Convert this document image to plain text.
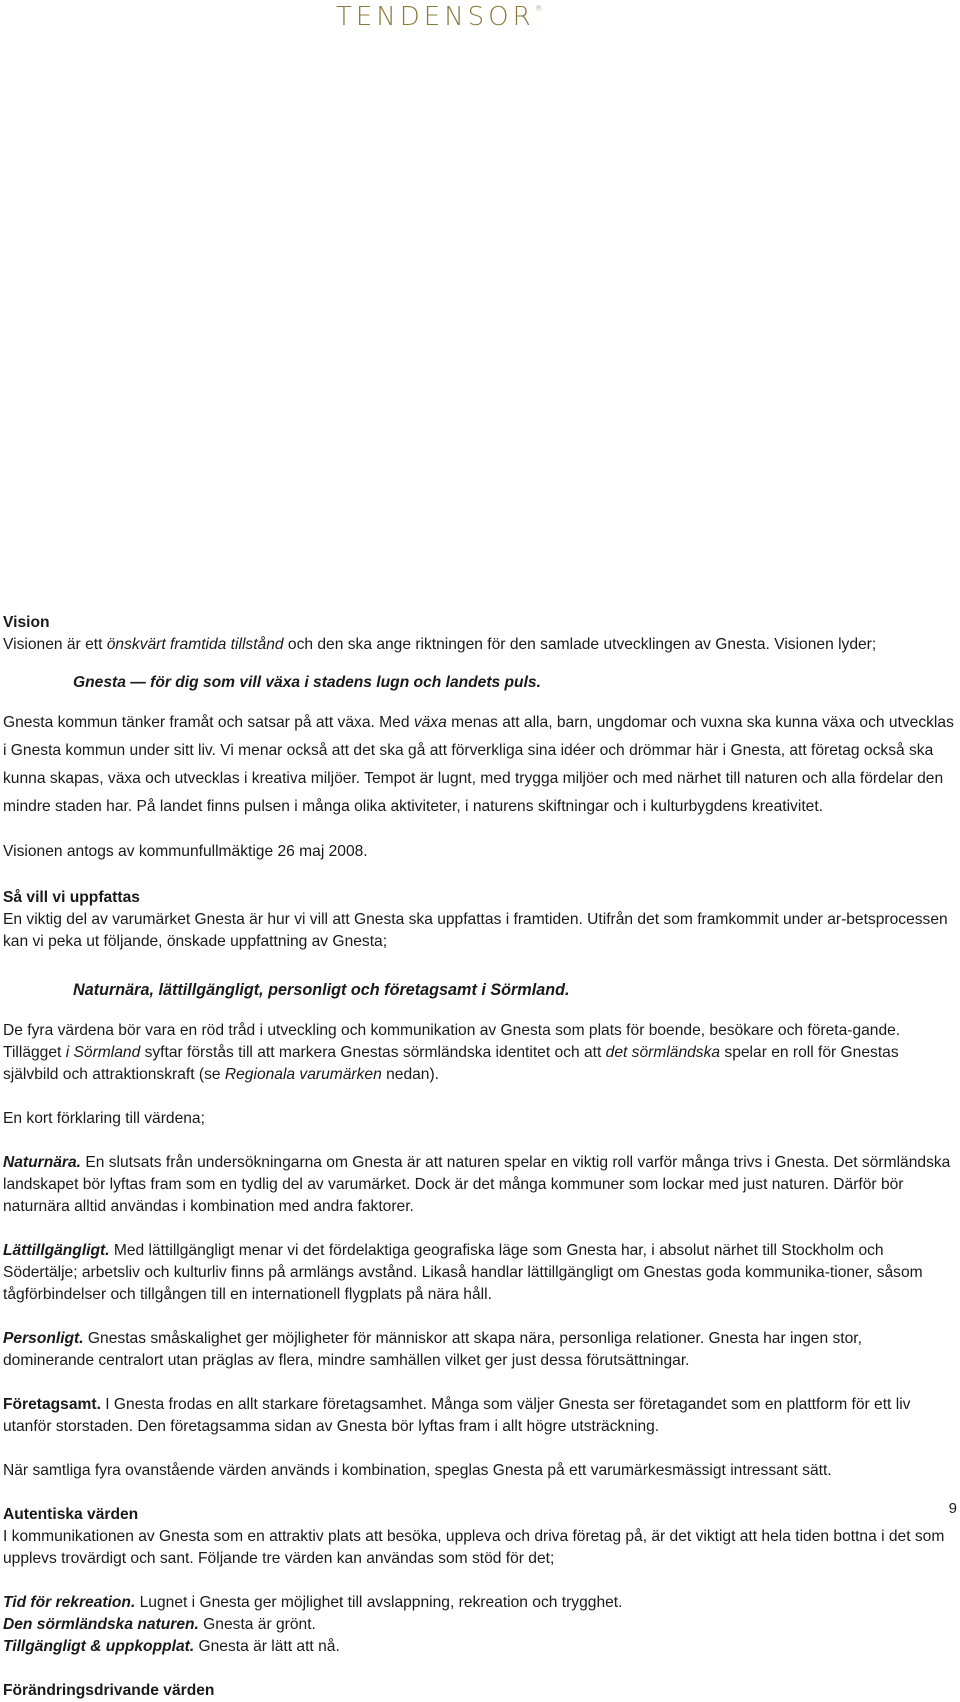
TENDENSOR®
Vision

Visionen är ett önskvärt framtida tillstånd och den ska ange riktningen för den samlade utvecklingen av Gnesta. Visionen lyder;

Gnesta — för dig som vill växa i stadens lugn och landets puls.

Gnesta kommun tänker framåt och satsar på att växa. Med växa menas att alla, barn, ungdomar och vuxna ska kunna växa och utvecklas i Gnesta kommun under sitt liv. Vi menar också att det ska gå att förverkliga sina idéer och drömmar här i Gnesta, att företag också ska kunna skapas, växa och utvecklas i kreativa miljöer. Tempot är lugnt, med trygga miljöer och med närhet till naturen och alla fördelar den mindre staden har. På landet finns pulsen i många olika aktiviteter, i naturens skiftningar och i kulturbygdens kreativitet.

Visionen antogs av kommunfullmäktige 26 maj 2008.

Så vill vi uppfattas

En viktig del av varumärket Gnesta är hur vi vill att Gnesta ska uppfattas i framtiden. Utifrån det som framkommit under ar-betsprocessen kan vi peka ut följande, önskade uppfattning av Gnesta;

Naturnära, lättillgängligt, personligt och företagsamt i Sörmland.

De fyra värdena bör vara en röd tråd i utveckling och kommunikation av Gnesta som plats för boende, besökare och företa-gande. Tillägget i Sörmland syftar förstås till att markera Gnestas sörmländska identitet och att det sörmländska spelar en roll för Gnestas självbild och attraktionskraft (se Regionala varumärken nedan).

En kort förklaring till värdena;

Naturnära. En slutsats från undersökningarna om Gnesta är att naturen spelar en viktig roll varför många trivs i Gnesta. Det sörmländska landskapet bör lyftas fram som en tydlig del av varumärket. Dock är det många kommuner som lockar med just naturen. Därför bör naturnära alltid användas i kombination med andra faktorer.

Lättillgängligt. Med lättillgängligt menar vi det fördelaktiga geografiska läge som Gnesta har, i absolut närhet till Stockholm och Södertälje; arbetsliv och kulturliv finns på armlängs avstånd. Likaså handlar lättillgängligt om Gnestas goda kommunika-tioner, såsom tågförbindelser och tillgången till en internationell flygplats på nära håll.

Personligt. Gnestas småskalighet ger möjligheter för människor att skapa nära, personliga relationer. Gnesta har ingen stor, dominerande centralort utan präglas av flera, mindre samhällen vilket ger just dessa förutsättningar.

Företagsamt. I Gnesta frodas en allt starkare företagsamhet. Många som väljer Gnesta ser företagandet som en plattform för ett liv utanför storstaden. Den företagsamma sidan av Gnesta bör lyftas fram i allt högre utsträckning.

När samtliga fyra ovanstående värden används i kombination, speglas Gnesta på ett varumärkesmässigt intressant sätt.

Autentiska värden

I kommunikationen av Gnesta som en attraktiv plats att besöka, uppleva och driva företag på, är det viktigt att hela tiden bottna i det som upplevs trovärdigt och sant. Följande tre värden kan användas som stöd för det;

Tid för rekreation. Lugnet i Gnesta ger möjlighet till avslappning, rekreation och trygghet.

Den sörmländska naturen. Gnesta är grönt.

Tillgängligt & uppkopplat. Gnesta är lätt att nå.

Förändringsdrivande värden
9
